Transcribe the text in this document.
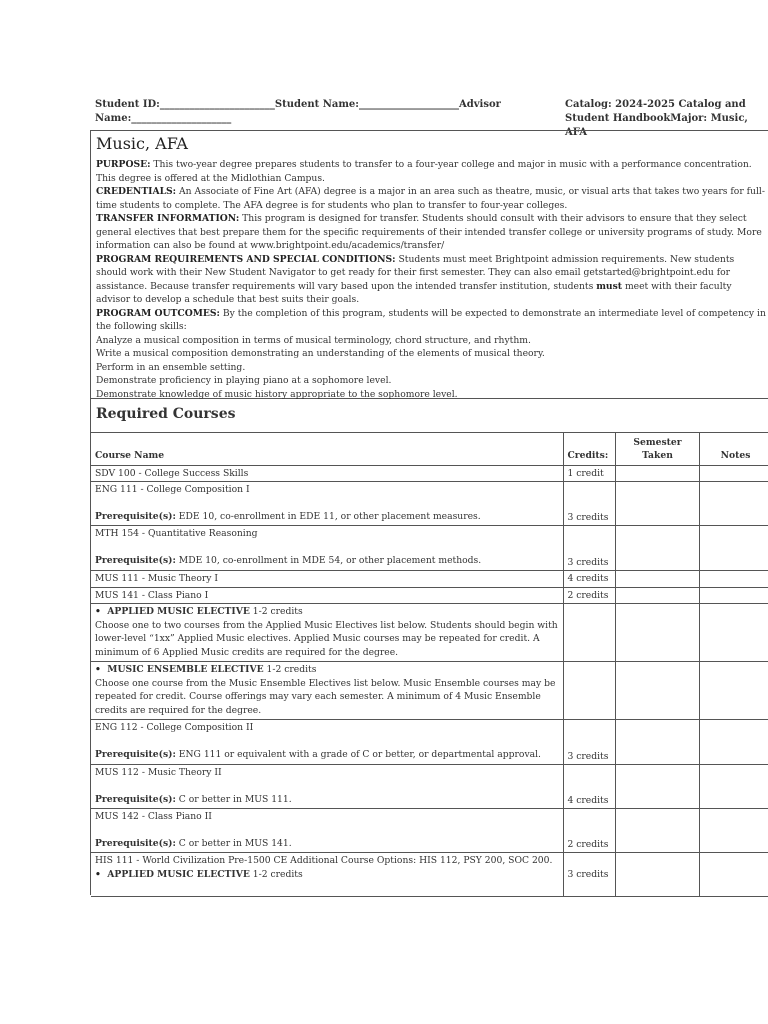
Student ID:_______________________Student Name:____________________Advisor
Name:____________________
Catalog: 2024-2025 Catalog and
Student HandbookMajor: Music, AFA
Music, AFA

PURPOSE: This two-year degree prepares students to transfer to a four-year college and major in music with a performance concentration. This degree is offered at the Midlothian Campus.

CREDENTIALS: An Associate of Fine Art (AFA) degree is a major in an area such as theatre, music, or visual arts that takes two years for full-time students to complete. The AFA degree is for students who plan to transfer to four-year colleges.

TRANSFER INFORMATION: This program is designed for transfer. Students should consult with their advisors to ensure that they select general electives that best prepare them for the specific requirements of their intended transfer college or university programs of study. More information can also be found at www.brightpoint.edu/academics/transfer/

PROGRAM REQUIREMENTS AND SPECIAL CONDITIONS: Students must meet Brightpoint admission requirements. New students should work with their New Student Navigator to get ready for their first semester. They can also email getstarted@brightpoint.edu for assistance. Because transfer requirements will vary based upon the intended transfer institution, students must meet with their faculty advisor to develop a schedule that best suits their goals.

PROGRAM OUTCOMES: By the completion of this program, students will be expected to demonstrate an intermediate level of competency in the following skills:

Analyze a musical composition in terms of musical terminology, chord structure, and rhythm.

Write a musical composition demonstrating an understanding of the elements of musical theory.

Perform in an ensemble setting.

Demonstrate proficiency in playing piano at a sophomore level.

Demonstrate knowledge of music history appropriate to the sophomore level.

Required Courses
Course Name	Credits:	Semester Taken	Notes
SDV 100 - College Success Skills	1 credit		

ENG 111 - College Composition I
Prerequisite(s): EDE 10, co-enrollment in EDE 11, or other placement measures.	3 credits		

MTH 154 - Quantitative Reasoning
Prerequisite(s): MDE 10, co-enrollment in MDE 54, or other placement methods.	3 credits		
MUS 111 - Music Theory I	4 credits		
MUS 141 - Class Piano I	2 credits		

•  APPLIED MUSIC ELECTIVE 1-2 credits
Choose one to two courses from the Applied Music Electives list below. Students should begin with lower-level “1xx” Applied Music electives. Applied Music courses may be repeated for credit. A minimum of 6 Applied Music credits are required for the degree.			

•  MUSIC ENSEMBLE ELECTIVE 1-2 credits
Choose one course from the Music Ensemble Electives list below. Music Ensemble courses may be repeated for credit. Course offerings may vary each semester. A minimum of 4 Music Ensemble credits are required for the degree.			

ENG 112 - College Composition II
Prerequisite(s): ENG 111 or equivalent with a grade of C or better, or departmental approval.	3 credits		

MUS 112 - Music Theory II
Prerequisite(s): C or better in MUS 111.	4 credits		

MUS 142 - Class Piano II
Prerequisite(s): C or better in MUS 141.	2 credits		

HIS 111 - World Civilization Pre-1500 CE Additional Course Options: HIS 112, PSY 200, SOC 200.
•  APPLIED MUSIC ELECTIVE 1-2 credits	3 credits		
